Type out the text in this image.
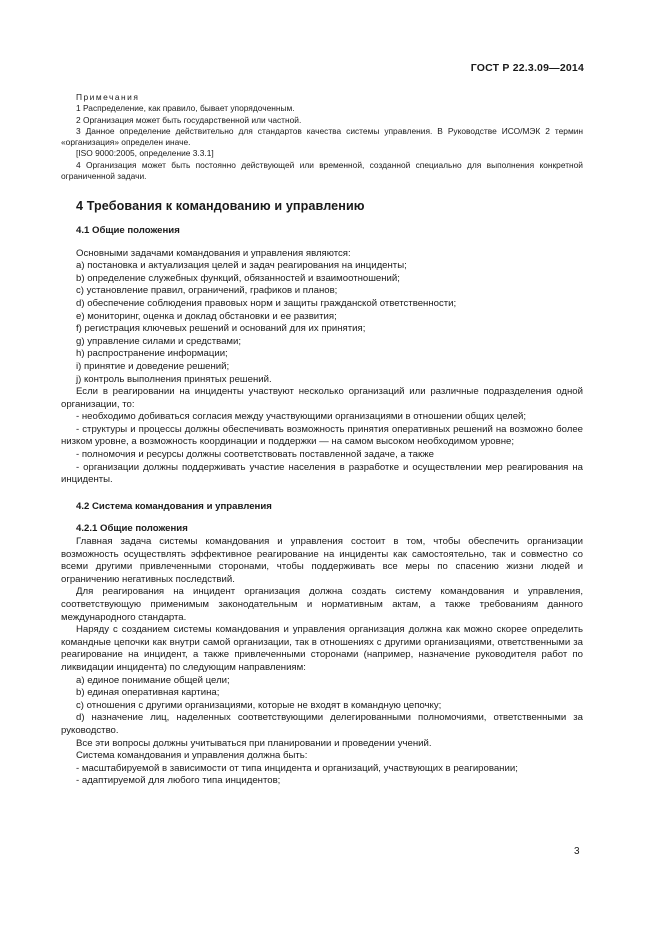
ГОСТ Р 22.3.09—2014

Примечания

1 Распределение, как правило, бывает упорядоченным.

2 Организация может быть государственной или частной.

3 Данное определение действительно для стандартов качества системы управления. В Руководстве ИСО/МЭК 2 термин «организация» определен иначе.

[ISO 9000:2005, определение 3.3.1]

4 Организация может быть постоянно действующей или временной, созданной специально для выполнения конкретной ограниченной задачи.

4 Требования к командованию и управлению
4.1 Общие положения

Основными задачами командования и управления являются:

a) постановка и актуализация целей и задач реагирования на инциденты;

b) определение служебных функций, обязанностей и взаимоотношений;

c) установление правил, ограничений, графиков и планов;

d) обеспечение соблюдения правовых норм и защиты гражданской ответственности;

e) мониторинг, оценка и доклад обстановки и ее развития;

f) регистрация ключевых решений и оснований для их принятия;

g) управление силами и средствами;

h) распространение информации;

i) принятие и доведение решений;

j) контроль выполнения принятых решений.

Если в реагировании на инциденты участвуют несколько организаций или различные подразделения одной организации, то:

- необходимо добиваться согласия между участвующими организациями в отношении общих целей;

- структуры и процессы должны обеспечивать возможность принятия оперативных решений на возможно более низком уровне, а возможность координации и поддержки — на самом высоком необходимом уровне;

- полномочия и ресурсы должны соответствовать поставленной задаче, а также

- организации должны поддерживать участие населения в разработке и осуществлении мер реагирования на инциденты.

4.2 Система командования и управления
4.2.1 Общие положения

Главная задача системы командования и управления состоит в том, чтобы обеспечить организации возможность осуществлять эффективное реагирование на инциденты как самостоятельно, так и совместно со всеми другими привлеченными сторонами, чтобы поддерживать все меры по спасению жизни людей и ограничению негативных последствий.

Для реагирования на инцидент организация должна создать систему командования и управления, соответствующую применимым законодательным и нормативным актам, а также требованиям данного международного стандарта.

Наряду с созданием системы командования и управления организация должна как можно скорее определить командные цепочки как внутри самой организации, так в отношениях с другими организациями, ответственными за реагирование на инцидент, а также привлеченными сторонами (например, назначение руководителя работ по ликвидации инцидента) по следующим направлениям:

a) единое понимание общей цели;

b) единая оперативная картина;

c) отношения с другими организациями, которые не входят в командную цепочку;

d) назначение лиц, наделенных соответствующими делегированными полномочиями, ответственными за руководство.

Все эти вопросы должны учитываться при планировании и проведении учений.

Система командования и управления должна быть:

- масштабируемой в зависимости от типа инцидента и организаций, участвующих в реагировании;

- адаптируемой для любого типа инцидентов;

3
